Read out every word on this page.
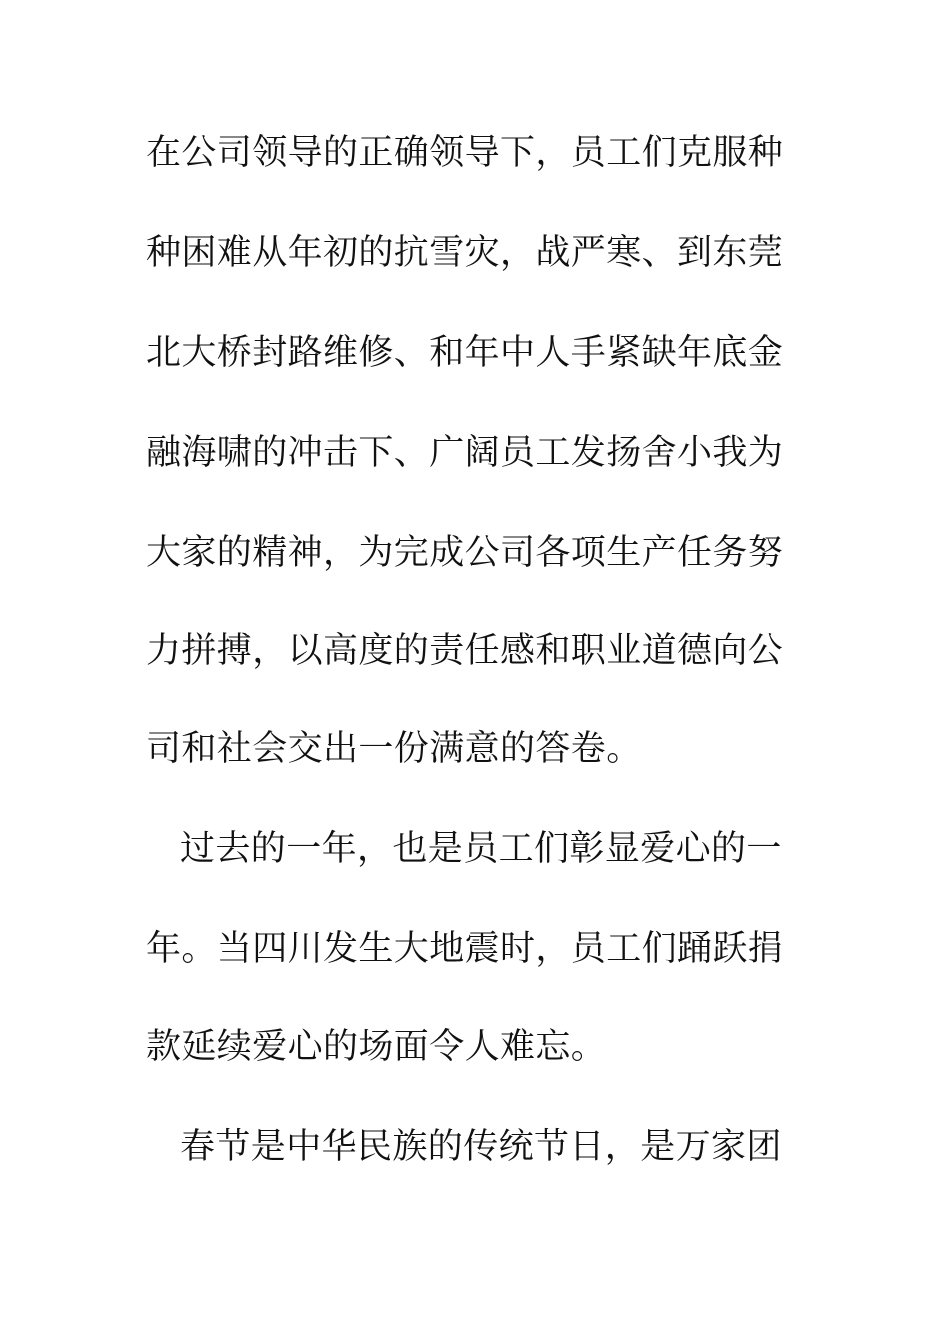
在公司领导的正确领导下，员工们克服种
种困难从年初的抗雪灾，战严寒、到东莞
北大桥封路维修、和年中人手紧缺年底金
融海啸的冲击下、广阔员工发扬舍小我为
大家的精神，为完成公司各项生产任务努
力拼搏，以高度的责任感和职业道德向公
司和社会交出一份满意的答卷。
过去的一年，也是员工们彰显爱心的一
年。当四川发生大地震时，员工们踊跃捐
款延续爱心的场面令人难忘。
春节是中华民族的传统节日，是万家团
